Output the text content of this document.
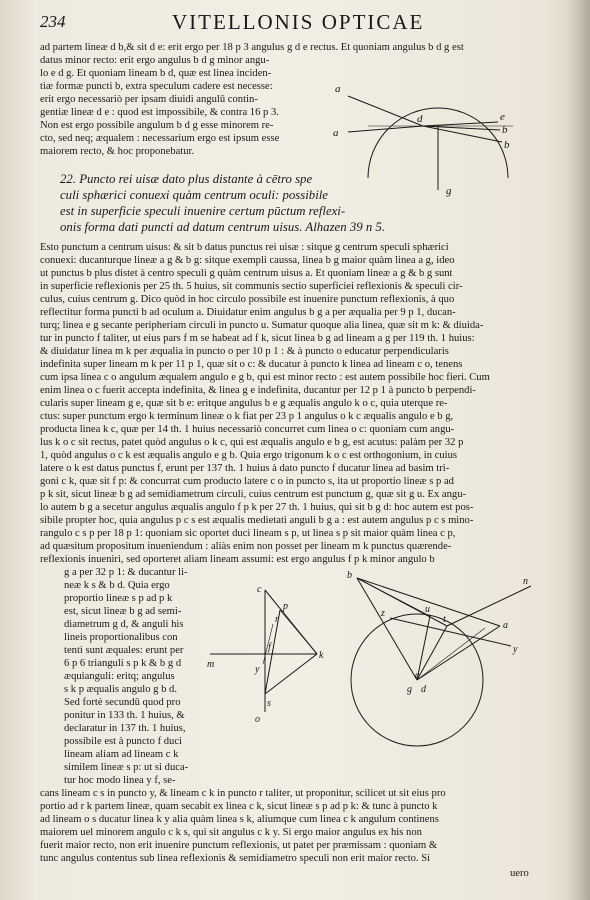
234	VITELLONIS OPTICAE
ad partem lineæ d b,& sit d e: erit ergo per 18 p 3 angulus g d e rectus. Et quoniam angulus b d g est
datus minor recto: erit ergo angulus b d g minor angu-
lo e d g. Et quoniam lineam b d, quæ est linea inciden-
tiæ formæ puncti b, extra speculum cadere est necesse:
erit ergo necessariò per ipsam diuidi angulū contin-
gentiæ lineæ d e : quod est impossibile, & contra 16 p 3.
Non est ergo possibile angulum b d g esse minorem re-
cto, sed neq; æqualem : necessarium ergo est ipsum esse
maiorem recto, & hoc proponebatur.
a
a
d	e
b
b
g
22. Puncto rei uisæ dato plus distante à cētro spe
culi sphærici conuexi quàm centrum oculi: possibile
est in superficie speculi inuenire certum pūctum reflexi-
onis forma dati puncti ad datum centrum uisus. Alhazen 39 n 5.
Esto punctum a centrum uisus: & sit b datus punctus rei uisæ : sitque g centrum speculi sphærici
conuexi: ducanturque lineæ a g & b g: sitque exempli caussa, linea b g maior quàm linea a g, ideo
ut punctus b plus distet à centro speculi g quàm centrum uisus a. Et quoniam lineæ a g & b g sunt
in superficie reflexionis per 25 th. 5 huius, sit communis sectio superficiei reflexionis & speculi cir-
culus, cuius centrum g. Dico quòd in hoc circulo possibile est inuenire punctum reflexionis, à quo
reflectitur forma puncti b ad oculum a. Diuidatur enim angulus b g a per æqualia per 9 p 1, ducan-
turq; linea e g secante peripheriam circuli in puncto u. Sumatur quoque alia linea, quæ sit m k: & diuida-
tur in puncto f taliter, ut eius pars f m se habeat ad f k, sicut linea b g ad lineam a g per 119 th. 1 huius:
& diuidatur linea m k per æqualia in puncto o per 10 p 1 : & à puncto o educatur perpendicularis
indefinita super lineam m k per 11 p 1, quæ sit o c: & ducatur à puncto k linea ad lineam c o, tenens
cum ipsa linea c o angulum æqualem angulo e g b, qui est minor recto : est autem possibile hoc fieri. Cum
enim linea o c fuerit accepta indefinita, & linea g e indefinita, ducantur per 12 p 1 à puncto b perpendi-
cularis super lineam g e, quæ sit b e: eritque angulus b e g æqualis angulo k o c, quia uterque re-
ctus: super punctum ergo k terminum lineæ o k fiat per 23 p 1 angulus o k c æqualis angulo e b g,
producta linea k c, quæ per 14 th. 1 huius necessariò concurret cum linea o c: quoniam cum angu-
lus k o c sit rectus, patet quòd angulus o k c, qui est æqualis angulo e b g, est acutus: palàm per 32 p
1, quòd angulus o c k est æqualis angulo e g b. Quia ergo trigonum k o c est orthogonium, in cuius
latere o k est datus punctus f, erunt per 137 th. 1 huius à dato puncto f ducatur linea ad basim tri-
goni c k, quæ sit f p: & concurrat cum producto latere c o in puncto s, ita ut proportio lineæ s p ad
p k sit, sicut lineæ b g ad semidiametrum circuli, cuius centrum est punctum g, quæ sit g u. Ex angu-
lo autem b g a secetur angulus æqualis angulo f p k per 27 th. 1 huius, qui sit b g d: hoc autem est pos-
sibile propter hoc, quia angulus p c s est æqualis medietati anguli b g a : est autem angulus p c s mino-
rangulo c s p per 18 p 1: quoniam sic oportet duci lineam s p, ut linea s p sit maior quàm linea c p,
ad quæsitum propositum inueniendum : aliàs enim non posset per lineam m k punctus quærende-
reflexionis inueniri, sed oporteret aliam lineam assumi: est ergo angulus f p k minor angulo b
g a per 32 p 1: & ducantur li-
neæ k s & b d. Quia ergo
proportio lineæ s p ad p k
est, sicut lineæ b g ad semi-
diametrum g d, & anguli his
lineis proportionalibus con
tenti sunt æquales: erunt per
6 p 6 trianguli s p k & b g d
æquianguli: eritq; angulus
s k p æqualis angulo g b d.
Sed fortè secundū quod pro
ponitur in 133 th. 1 huius, &
declaratur in 137 th. 1 huius,
possibile est à puncto f duci
lineam aliam ad lineam c k
similem lineæ s p: ut si duca-
tur hoc modo linea y f, se-
c
p
r
m
f
y
s
k
o
b
u
t
z
a
n
y
g d
e
cans lineam c s in puncto y, & lineam c k in puncto r taliter, ut proponitur, scilicet ut sit eius pro
portio ad r k partem lineæ, quam secabit ex linea c k, sicut lineæ s p ad p k: & tunc à puncto k
ad lineam o s ducatur linea k y alia quàm linea s k, aliumque cum linea c k angulum continens
maiorem uel minorem angulo c k s, qui sit angulus c k y. Si ergo maior angulus ex his non
fuerit maior recto, non erit inuenire punctum reflexionis, ut patet per præmissam : quoniam &
tunc angulus contentus sub linea reflexionis & semidiametro speculi non erit maior recto. Si
uero
